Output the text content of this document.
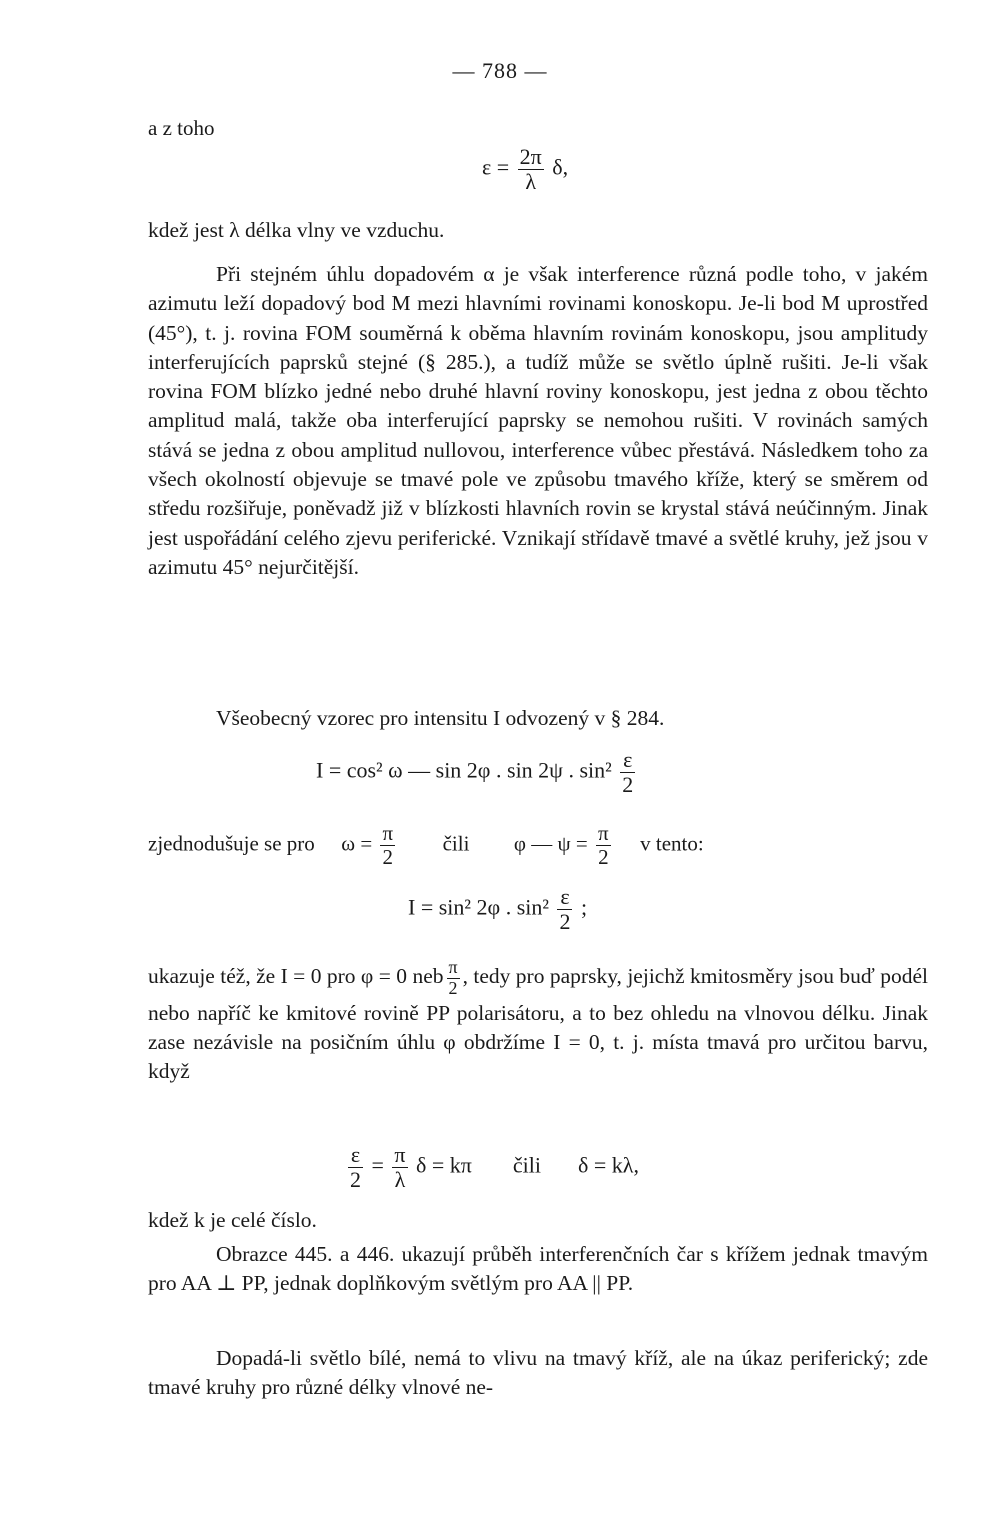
— 788 —
a z toho
$\varepsilon = \frac{2\pi}{\lambda} \delta$,
kdež jest λ délka vlny ve vzduchu.
Při stejném úhlu dopadovém α je však interference různá podle toho, v jakém azimutu leží dopadový bod M mezi hlavními rovinami konoskopu. Je-li bod M uprostřed (45°), t. j. rovina FOM souměrná k oběma hlavním rovinám konoskopu, jsou amplitudy interferujících paprsků stejné (§ 285.), a tudíž může se světlo úplně rušiti. Je-li však rovina FOM blízko jedné nebo druhé hlavní roviny konoskopu, jest jedna z obou těchto amplitud malá, takže oba interferující paprsky se nemohou rušiti. V rovinách samých stává se jedna z obou amplitud nullovou, interference vůbec přestává. Následkem toho za všech okolností objevuje se tmavé pole ve způsobu tmavého kříže, který se směrem od středu rozšiřuje, poněvadž již v blízkosti hlavních rovin se krystal stává neúčinným. Jinak jest uspořádání celého zjevu periferické. Vznikají střídavě tmavé a světlé kruhy, jež jsou v azimutu 45° nejurčitější.
Všeobecný vzorec pro intensitu I odvozený v § 284.
I = cos² ω — sin 2φ . sin 2ψ . $\sin^2 \frac{\varepsilon}{2}$
zjednodušuje se pro $\omega = \frac{\pi}{2}$ čili φ — $\psi = \frac{\pi}{2}$ v tento:
I = sin² 2φ . $\sin^2 \frac{\varepsilon}{2}$ ;
ukazuje též, že I = 0 pro φ = 0 neb $\frac{\pi}{2}$ , tedy pro paprsky, jejichž kmitosměry jsou buď podél nebo napříč ke kmitové rovině PP polarisátoru, a to bez ohledu na vlnovou délku. Jinak zase nezávisle na posičním úhlu φ obdržíme I = 0, t. j. místa tmavá pro určitou barvu, když
$\frac{\varepsilon}{2} = \frac{\pi}{\lambda}$ δ = kπ čili δ = kλ,
kdež k je celé číslo.
Obrazce 445. a 446. ukazují průběh interferenčních čar s křížem jednak tmavým pro AA ⊥ PP, jednak doplňkovým světlým pro AA || PP.
Dopadá-li světlo bílé, nemá to vlivu na tmavý kříž, ale na úkaz periferický; zde tmavé kruhy pro různé délky vlnové ne-
